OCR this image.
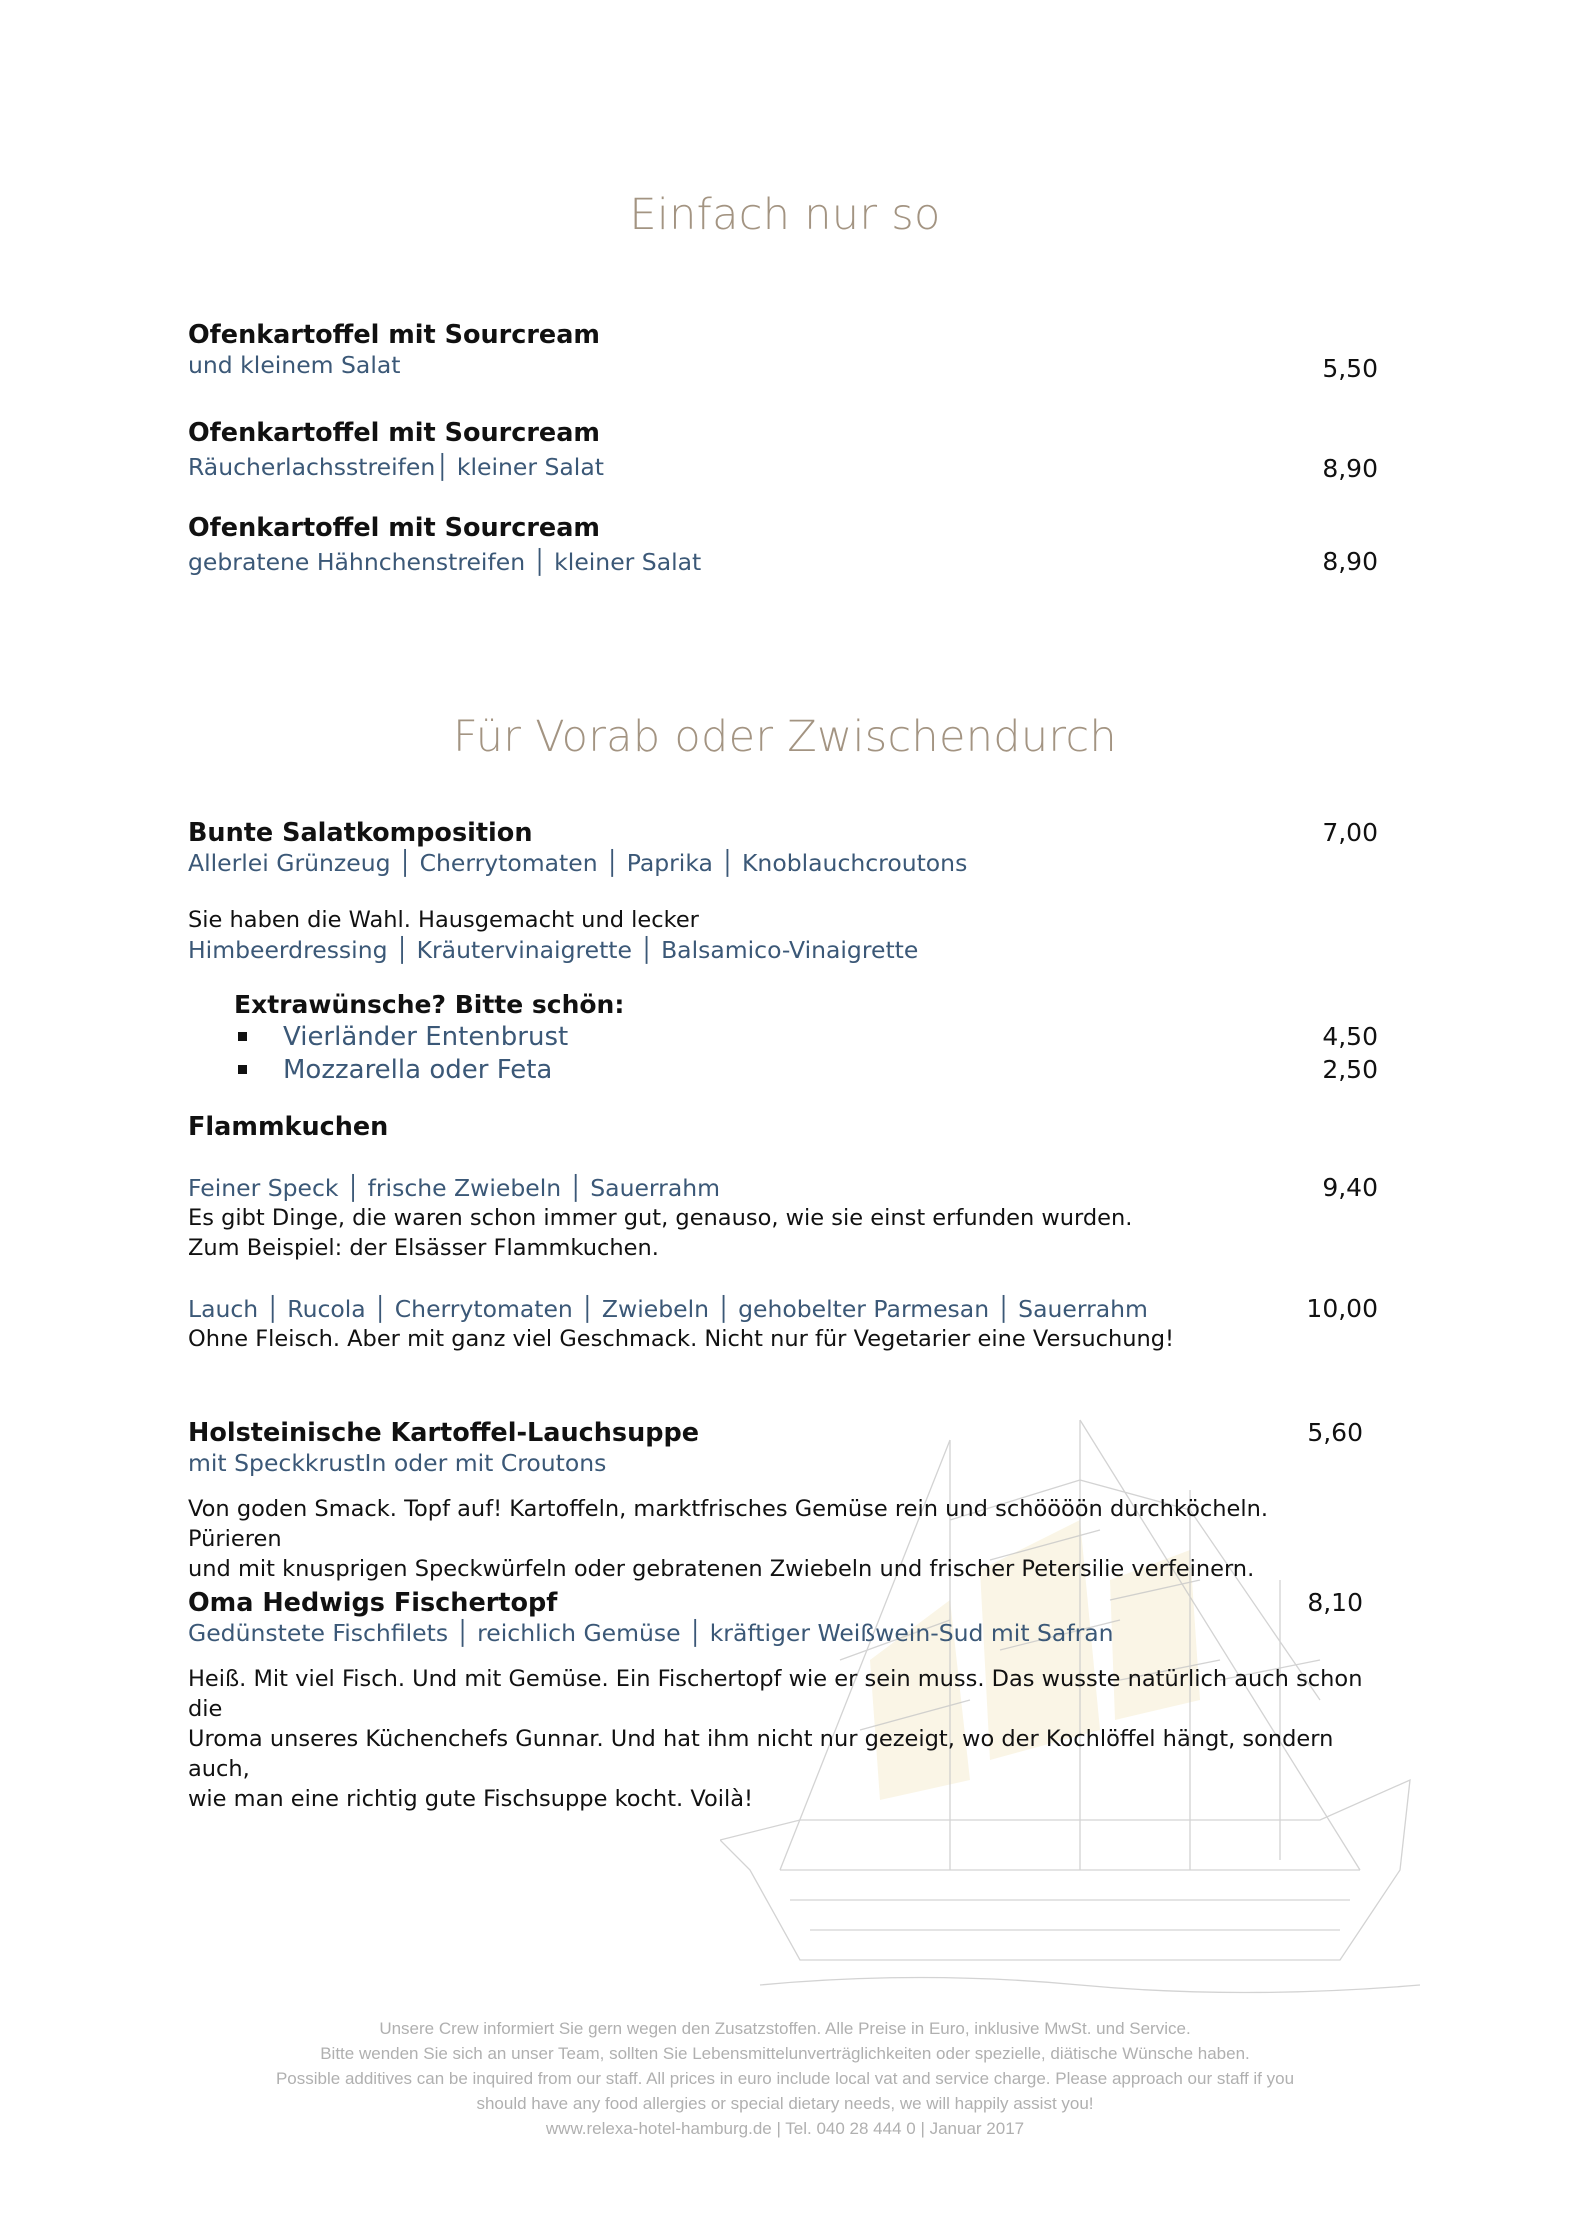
Einfach nur so
Ofenkartoffel mit Sourcream
und kleinem Salat	5,50
Ofenkartoffel mit Sourcream
Räucherlachsstreifen│ kleiner Salat	8,90
Ofenkartoffel mit Sourcream
gebratene Hähnchenstreifen │ kleiner Salat	8,90
Für Vorab oder Zwischendurch
Bunte Salatkomposition
Allerlei Grünzeug │ Cherrytomaten │ Paprika │ Knoblauchcroutons
7,00
Sie haben die Wahl. Hausgemacht und lecker
Himbeerdressing │ Kräutervinaigrette │ Balsamico-Vinaigrette
Extrawünsche? Bitte schön:
Vierländer Entenbrust	4,50
Mozzarella oder Feta	2,50
Flammkuchen
Feiner Speck │ frische Zwiebeln │ Sauerrahm
Es gibt Dinge, die waren schon immer gut, genauso, wie sie einst erfunden wurden.
Zum Beispiel: der Elsässer Flammkuchen.
9,40
Lauch │ Rucola │ Cherrytomaten │ Zwiebeln │ gehobelter Parmesan │ Sauerrahm
Ohne Fleisch. Aber mit ganz viel Geschmack. Nicht nur für Vegetarier eine Versuchung!
10,00
Holsteinische Kartoffel-Lauchsuppe
mit SpeckkrustIn oder mit Croutons
Von goden Smack. Topf auf! Kartoffeln, marktfrisches Gemüse rein und schöööön durchköcheln. Pürieren
und mit knusprigen Speckwürfeln oder gebratenen Zwiebeln und frischer Petersilie verfeinern.
5,60
Oma Hedwigs Fischertopf
Gedünstete Fischfilets │ reichlich Gemüse │ kräftiger Weißwein-Sud mit Safran
Heiß. Mit viel Fisch. Und mit Gemüse. Ein Fischertopf wie er sein muss. Das wusste natürlich auch schon die
Uroma unseres Küchenchefs Gunnar. Und hat ihm nicht nur gezeigt, wo der Kochlöffel hängt, sondern auch,
wie man eine richtig gute Fischsuppe kocht. Voilà!
8,10
Unsere Crew informiert Sie gern wegen den Zusatzstoffen. Alle Preise in Euro, inklusive MwSt. und Service.
Bitte wenden Sie sich an unser Team, sollten Sie Lebensmittelunverträglichkeiten oder spezielle, diätische Wünsche haben.
Possible additives can be inquired from our staff. All prices in euro include local vat and service charge. Please approach our staff if you
should have any food allergies or special dietary needs, we will happily assist you!
www.relexa-hotel-hamburg.de | Tel. 040 28 444 0 | Januar 2017
